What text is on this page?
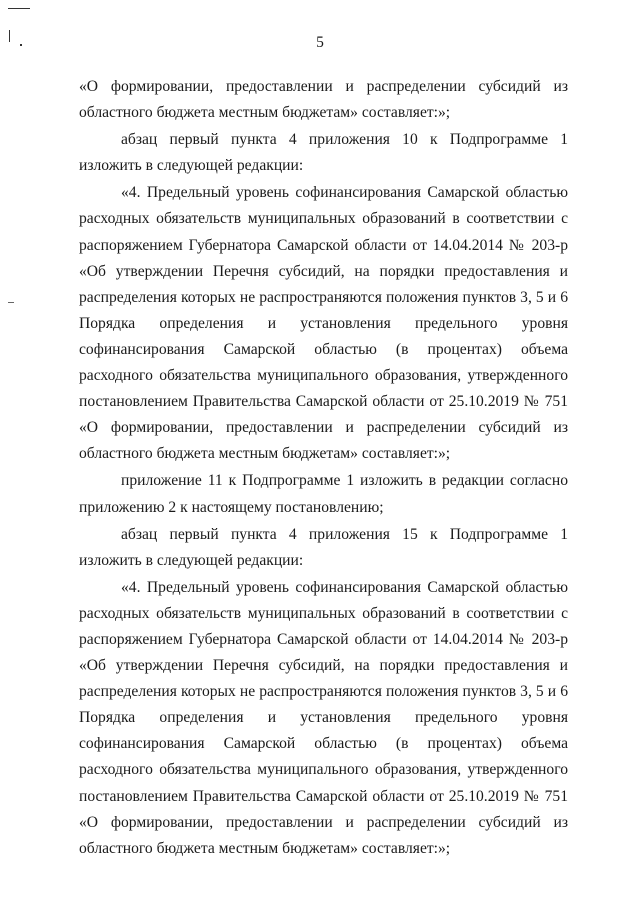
5

«О формировании, предоставлении и распределении субсидий из областного бюджета местным бюджетам» составляет:»;

абзац первый пункта 4 приложения 10 к Подпрограмме 1 изложить в следующей редакции:

«4. Предельный уровень софинансирования Самарской областью расходных обязательств муниципальных образований в соответствии с распоряжением Губернатора Самарской области от 14.04.2014 № 203-р «Об утверждении Перечня субсидий, на порядки предоставления и распределения которых не распространяются положения пунктов 3, 5 и 6 Порядка определения и установления предельного уровня софинансирования Самарской областью (в процентах) объема расходного обязательства муниципального образования, утвержденного постановлением Правительства Самарской области от 25.10.2019 № 751 «О формировании, предоставлении и распределении субсидий из областного бюджета местным бюджетам» составляет:»;

приложение 11 к Подпрограмме 1 изложить в редакции согласно приложению 2 к настоящему постановлению;

абзац первый пункта 4 приложения 15 к Подпрограмме 1 изложить в следующей редакции:

«4. Предельный уровень софинансирования Самарской областью расходных обязательств муниципальных образований в соответствии с распоряжением Губернатора Самарской области от 14.04.2014 № 203-р «Об утверждении Перечня субсидий, на порядки предоставления и распределения которых не распространяются положения пунктов 3, 5 и 6 Порядка определения и установления предельного уровня софинансирования Самарской областью (в процентах) объема расходного обязательства муниципального образования, утвержденного постановлением Правительства Самарской области от 25.10.2019 № 751 «О формировании, предоставлении и распределении субсидий из областного бюджета местным бюджетам» составляет:»;
